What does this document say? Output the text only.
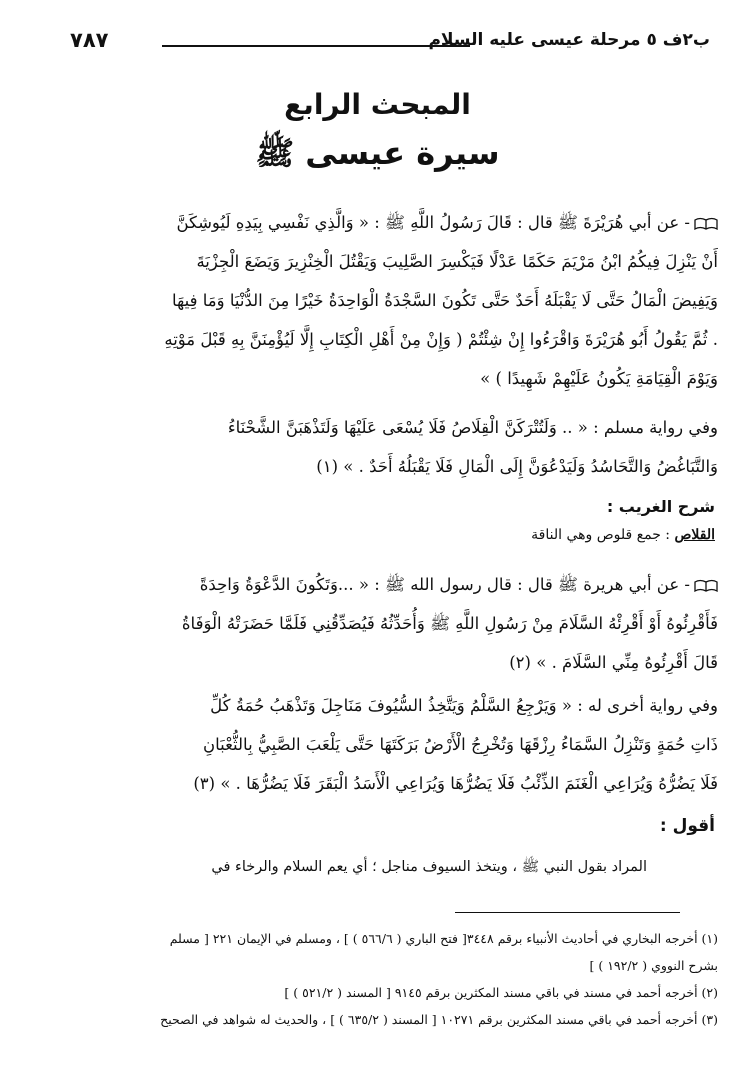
ب٢ف ٥ مرحلة عيسى عليه السلام
٧٨٧
المبحث الرابع
سيرة عيسى ﷺ
- عن أبي هُرَيْرَةَ ﷺ قال : قَالَ رَسُولُ اللَّهِ ﷺ : « وَالَّذِي نَفْسِي بِيَدِهِ لَيُوشِكَنَّ
أَنْ يَنْزِلَ فِيكُمُ ابْنُ مَرْيَمَ حَكَمًا عَدْلًا فَيَكْسِرَ الصَّلِيبَ وَيَقْتُلَ الْخِنْزِيرَ وَيَضَعَ الْجِزْيَةَ
وَيَفِيضَ الْمَالُ حَتَّى لَا يَقْبَلَهُ أَحَدٌ حَتَّى تَكُونَ السَّجْدَةُ الْوَاحِدَةُ خَيْرًا مِنَ الدُّنْيَا وَمَا فِيهَا
. ثُمَّ يَقُولُ أَبُو هُرَيْرَةَ وَاقْرَءُوا إِنْ شِئْتُمْ ( وَإِنْ مِنْ أَهْلِ الْكِتَابِ إِلَّا لَيُؤْمِنَنَّ بِهِ قَبْلَ مَوْتِهِ
وَيَوْمَ الْقِيَامَةِ يَكُونُ عَلَيْهِمْ شَهِيدًا ) »
وفي رواية مسلم : « .. وَلَتُتْرَكَنَّ الْقِلَاصُ فَلَا يُسْعَى عَلَيْهَا وَلَتَذْهَبَنَّ الشَّحْنَاءُ
وَالتَّبَاغُضُ وَالتَّحَاسُدُ وَلَيَدْعُوَنَّ إِلَى الْمَالِ فَلَا يَقْبَلُهُ أَحَدٌ . » (١)
شرح الغريب :
القلاص : جمع قلوص وهي الناقة
- عن أبي هريرة ﷺ قال : قال رسول الله ﷺ : « ...وَتَكُونَ الدَّعْوَةُ وَاحِدَةً
فَأَقْرِئُوهُ أَوْ أَقْرِئْهُ السَّلَامَ مِنْ رَسُولِ اللَّهِ ﷺ وَأُحَدِّثُهُ فَيُصَدِّقُنِي فَلَمَّا حَضَرَتْهُ الْوَفَاةُ
قَالَ أَقْرِئُوهُ مِنِّي السَّلَامَ . » (٢)
وفي رواية أخرى له : « وَيَرْجِعُ السَّلْمُ وَيَتَّخِذُ السُّيُوفَ مَنَاجِلَ وَتَذْهَبُ حُمَةُ كُلِّ
ذَاتِ حُمَةٍ وَتَنْزِلُ السَّمَاءُ رِزْقَهَا وَتُخْرِجُ الْأَرْضُ بَرَكَتَهَا حَتَّى يَلْعَبَ الصَّبِيُّ بِالثُّعْبَانِ
فَلَا يَضُرُّهُ وَيُرَاعِي الْغَنَمَ الذِّئْبُ فَلَا يَضُرُّهَا وَيُرَاعِي الْأَسَدُ الْبَقَرَ فَلَا يَضُرُّهَا . » (٣)
أقول :
المراد بقول النبي ﷺ ، ويتخذ السيوف مناجل ؛ أي يعم السلام والرخاء في
(١) أخرجه البخاري في أحاديث الأنبياء برقم ٣٤٤٨[ فتح الباري ( ٥٦٦/٦ ) ] ، ومسلم في الإيمان ٢٢١ [ مسلم
بشرح النووي ( ١٩٢/٢ ) ]
(٢) أخرجه أحمد في مسند في باقي مسند المكثرين برقم ٩١٤٥ [ المسند ( ٥٢١/٢ ) ]
(٣) أخرجه أحمد في باقي مسند المكثرين برقم ١٠٢٧١ [ المسند ( ٦٣٥/٢ ) ] ، والحديث له شواهد في الصحيح
